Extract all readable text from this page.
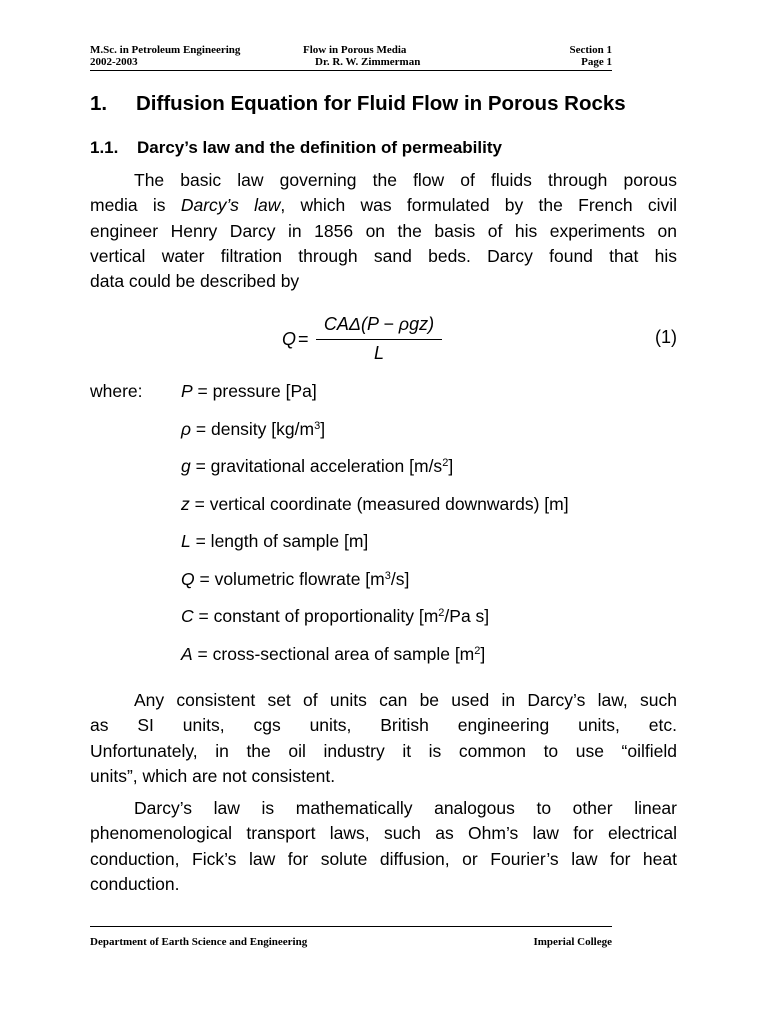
M.Sc. in Petroleum Engineering	Flow in Porous Media	Section 1
2002-2003	Dr. R. W. Zimmerman	Page 1
1. Diffusion Equation for Fluid Flow in Porous Rocks
1.1. Darcy’s law and the definition of permeability
The basic law governing the flow of fluids through porous
media is Darcy’s law, which was formulated by the French civil
engineer Henry Darcy in 1856 on the basis of his experiments on
vertical water filtration through sand beds. Darcy found that his
data could be described by
Q =
CAΔ(P − ρgz)
L
(1)
where: P = pressure [Pa]
ρ = density $[kg/m^3]$
g = gravitational acceleration $[m/s^2]$
z = vertical coordinate (measured downwards) [m]
L = length of sample [m]
Q = volumetric flowrate $[m^3/s]$
C = constant of proportionality [$m^2/Pa$ s]
A = cross-sectional area of sample $[m^2]$
Any consistent set of units can be used in Darcy’s law, such
as SI units, cgs units, British engineering units, etc.
Unfortunately, in the oil industry it is common to use “oilfield
units”, which are not consistent.
Darcy’s law is mathematically analogous to other linear
phenomenological transport laws, such as Ohm’s law for electrical
conduction, Fick’s law for solute diffusion, or Fourier’s law for heat
conduction.
Department of Earth Science and Engineering	Imperial College
